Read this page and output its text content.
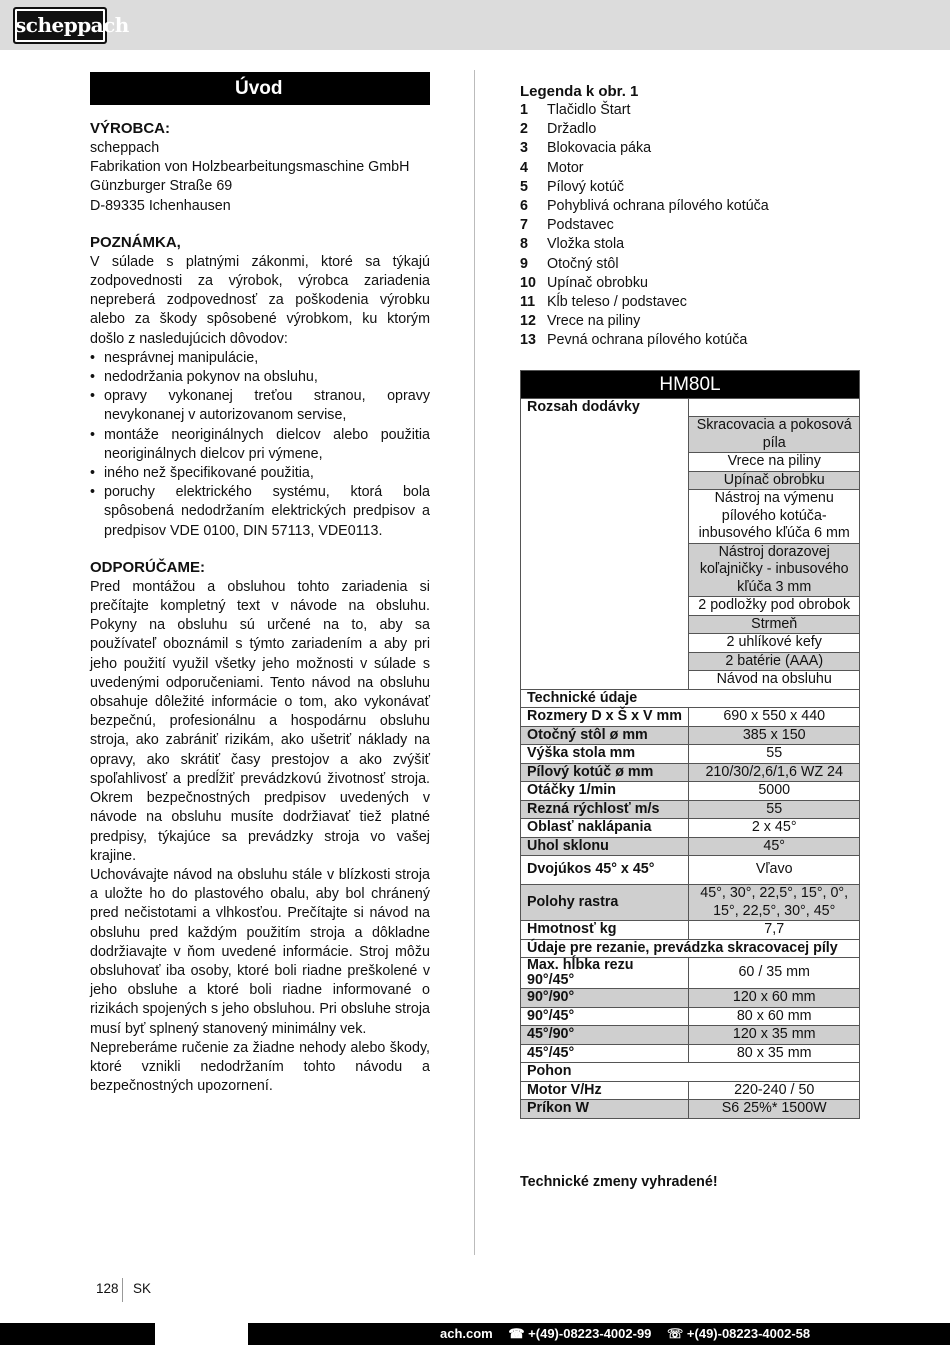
scheppach
Úvod
VÝROBCA:
scheppach
Fabrikation von Holzbearbeitungsmaschine GmbH
Günzburger Straße 69
D-89335 Ichenhausen
POZNÁMKA,

V súlade s platnými zákonmi, ktoré sa týkajú zodpovednosti za výrobok, výrobca zariadenia nepreberá zodpovednosť za poškodenia výrobku alebo za škody spôsobené výrobkom, ku ktorým došlo z nasledujúcich dôvodov:

• nesprávnej manipulácie,
• nedodržania pokynov na obsluhu,
• opravy vykonanej treťou stranou, opravy nevykonanej v autorizovanom servise,
• montáže neoriginálnych dielcov alebo použitia neoriginálnych dielcov pri výmene,
• iného než špecifikované použitia,
• poruchy elektrického systému, ktorá bola spôsobená nedodržaním elektrických predpisov a predpisov VDE 0100, DIN 57113, VDE0113.
ODPORÚČAME:

Pred montážou a obsluhou tohto zariadenia si prečítajte kompletný text v návode na obsluhu. Pokyny na obsluhu sú určené na to, aby sa používateľ oboznámil s týmto zariadením a aby pri jeho použití využil všetky jeho možnosti v súlade s uvedenými odporučeniami. Tento návod na obsluhu obsahuje dôležité informácie o tom, ako vykonávať bezpečnú, profesionálnu a hospodárnu obsluhu stroja, ako zabrániť rizikám, ako ušetriť náklady na opravy, ako skrátiť časy prestojov a ako zvýšiť spoľahlivosť a predĺžiť prevádzkovú životnosť stroja. Okrem bezpečnostných predpisov uvedených v návode na obsluhu musíte dodržiavať tiež platné predpisy, týkajúce sa prevádzky stroja vo vašej krajine.

Uchovávajte návod na obsluhu stále v blízkosti stroja a uložte ho do plastového obalu, aby bol chránený pred nečistotami a vlhkosťou. Prečítajte si návod na obsluhu pred každým použitím stroja a dôkladne dodržiavajte v ňom uvedené informácie. Stroj môžu obsluhovať iba osoby, ktoré boli riadne preškolené v jeho obsluhe a ktoré boli riadne informované o rizikách spojených s jeho obsluhou. Pri obsluhe stroja musí byť splnený stanovený minimálny vek.

Nepreberáme ručenie za žiadne nehody alebo škody, ktoré vznikli nedodržaním tohto návodu a bezpečnostných upozornení.

Legenda k obr. 1
1	Tlačidlo Štart
2	Držadlo
3	Blokovacia páka
4	Motor
5	Pílový kotúč
6	Pohyblivá ochrana pílového kotúča
7	Podstavec
8	Vložka stola
9	Otočný stôl
10 Upínač obrobku
11 Kĺb teleso / podstavec
12 Vrece na piliny
13 Pevná ochrana pílového kotúča
HM80L	
Rozsah dodávky	
	Skracovacia a pokosová píla
	Vrece na piliny
	Upínač obrobku
	Nástroj na výmenu pílového kotúča- inbusového kľúča 6 mm
	Nástroj dorazovej koľajničky - inbusového kľúča 3 mm
	2 podložky pod obrobok
	Strmeň
	2 uhlíkové kefy
	2 batérie (AAA)
	Návod na obsluhu
Technické údaje	
Rozmery D x Š x V mm	690 x 550 x 440
Otočný stôl ø mm	385 x 150
Výška stola mm	55
Pílový kotúč ø mm	210/30/2,6/1,6 WZ 24
Otáčky 1/min	5000
Rezná rýchlosť m/s	55
Oblasť naklápania	2 x 45°
Uhol sklonu	45°
Dvojúkos 45° x 45°	Vľavo
Polohy rastra	45°, 30°, 22,5°, 15°, 0°, 15°, 22,5°, 30°, 45°
Hmotnosť kg	7,7
Údaje pre rezanie, prevádzka skracovacej píly	
Max. hĺbka rezu 90°/45°	60 / 35 mm
90°/90°	120 x 60 mm
90°/45°	80 x 60 mm
45°/90°	120 x 35 mm
45°/45°	80 x 35 mm
Pohon	
Motor V/Hz	220-240 / 50
Príkon W	S6 25%* 1500W
Technické zmeny vyhradené!
128 SK
ach.com ☎ +(49)-08223-4002-99 ☏ +(49)-08223-4002-58
